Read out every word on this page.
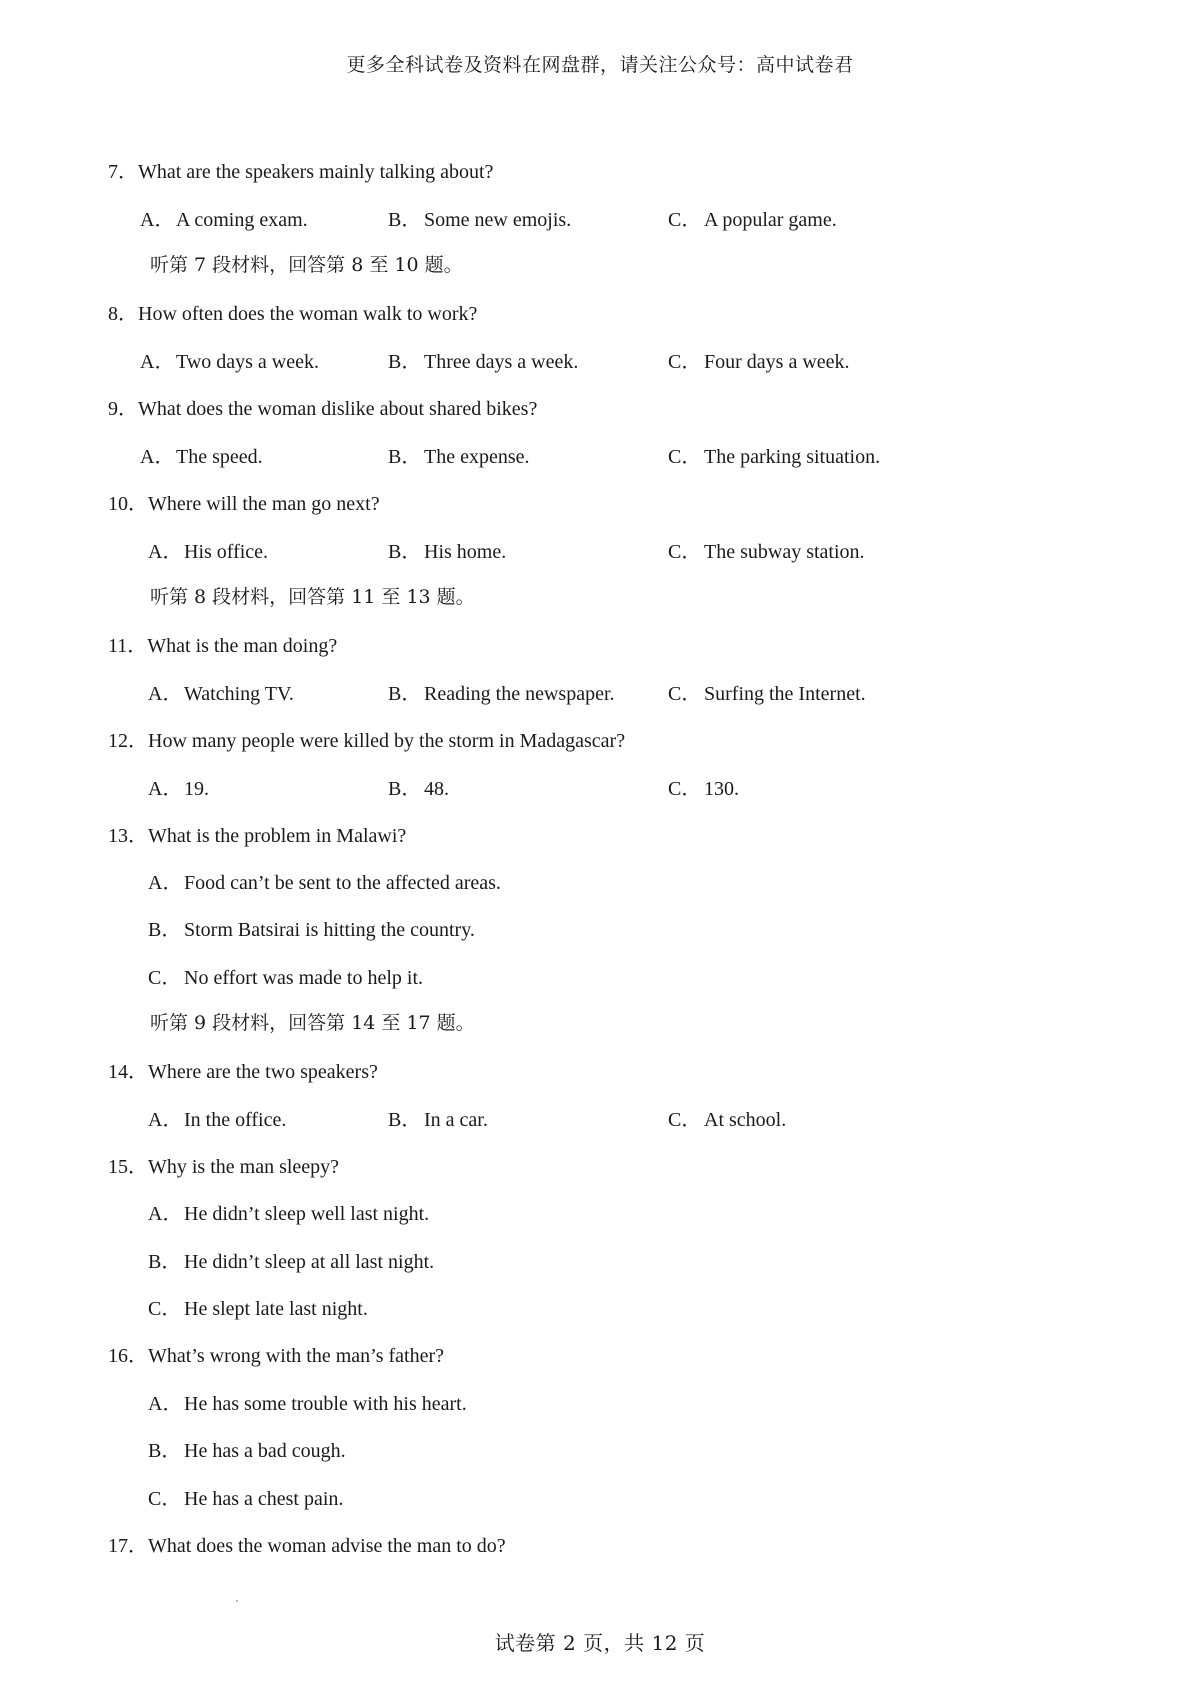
更多全科试卷及资料在网盘群，请关注公众号：高中试卷君
7．What are the speakers mainly talking about?
A．A coming exam.	B． Some new emojis.	C． A popular game.
听第 7 段材料，回答第 8 至 10 题。
8．How often does the woman walk to work?
A．Two days a week.	B． Three days a week.	C． Four days a week.
9．What does the woman dislike about shared bikes?
A．The speed.	B． The expense.	C． The parking situation.
10．Where will the man go next?
A．His office.	B． His home.	C． The subway station.
听第 8 段材料，回答第 11 至 13 题。
11．What is the man doing?
A．Watching TV.	B． Reading the newspaper.	C． Surfing the Internet.
12．How many people were killed by the storm in Madagascar?
A．19.	B． 48.	C． 130.
13．What is the problem in Malawi?
A．Food can’t be sent to the affected areas.
B． Storm Batsirai is hitting the country.
C． No effort was made to help it.
听第 9 段材料，回答第 14 至 17 题。
14．Where are the two speakers?
A．In the office.	B． In a car.	C． At school.
15．Why is the man sleepy?
A．He didn’t sleep well last night.
B． He didn’t sleep at all last night.
C． He slept late last night.
16．What’s wrong with the man’s father?
A．He has some trouble with his heart.
B． He has a bad cough.
C． He has a chest pain.
17．What does the woman advise the man to do?
试卷第 2 页，共 12 页
